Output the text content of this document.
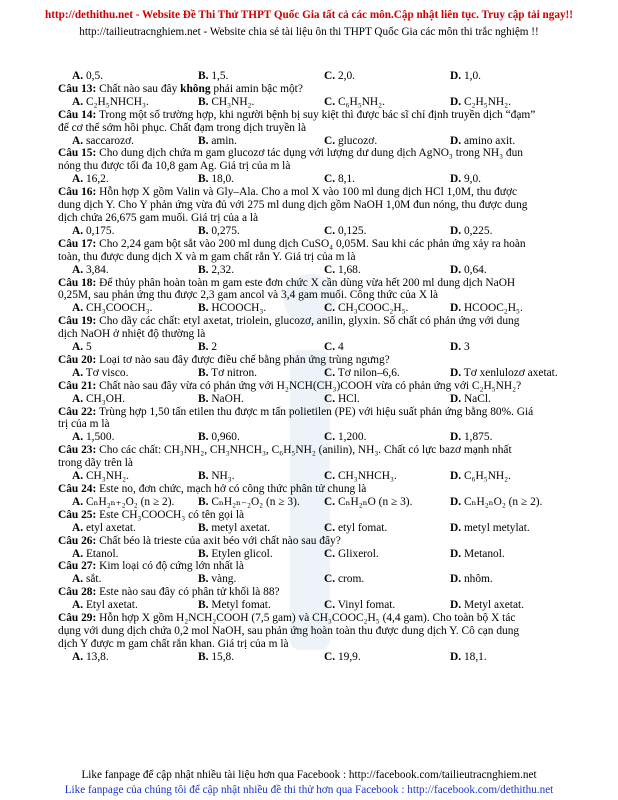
http://dethithu.net - Website Đề Thi Thử THPT Quốc Gia tất cả các môn.Cập nhật liên tục. Truy cập tải ngay!!
http://tailieutracnghiem.net - Website chia sẻ tài liệu ôn thi THPT Quốc Gia các môn thi trắc nghiệm !!
A. 0,5.	B. 1,5.	C. 2,0.	D. 1,0.
Câu 13: Chất nào sau đây không phải amin bậc một?
A. C₂H₅NHCH₃.	B. CH₃NH₂.	C. C₆H₅NH₂.	D. C₂H₅NH₂.
Câu 14: Trong một số trường hợp, khi người bệnh bị suy kiệt thì được bác sĩ chỉ định truyền dịch “đạm”
để cơ thể sớm hồi phục. Chất đạm trong dịch truyền là
A. saccarozơ.	B. amin.	C. glucozơ.	D. amino axit.
Câu 15: Cho dung dịch chứa m gam glucozơ tác dụng với lượng dư dung dịch AgNO₃ trong NH₃ đun
nóng thu được tối đa 10,8 gam Ag. Giá trị của m là
A. 16,2.	B. 18,0.	C. 8,1.	D. 9,0.
Câu 16: Hỗn hợp X gồm Valin và Gly–Ala. Cho a mol X vào 100 ml dung dịch HCl 1,0M, thu được
dung dịch Y. Cho Y phản ứng vừa đủ với 275 ml dung dịch gồm NaOH 1,0M đun nóng, thu được dung
dịch chứa 26,675 gam muối. Giá trị của a là
A. 0,175.	B. 0,275.	C. 0,125.	D. 0,225.
Câu 17: Cho 2,24 gam bột sắt vào 200 ml dung dịch CuSO₄ 0,05M. Sau khi các phản ứng xảy ra hoàn
toàn, thu được dung dịch X và m gam chất rắn Y. Giá trị của m là
A. 3,84.	B. 2,32.	C. 1,68.	D. 0,64.
Câu 18: Để thủy phân hoàn toàn m gam este đơn chức X cần dùng vừa hết 200 ml dung dịch NaOH
0,25M, sau phản ứng thu được 2,3 gam ancol và 3,4 gam muối. Công thức của X là
A. CH₃COOCH₃.	B. HCOOCH₃.	C. CH₃COOC₂H₅.	D. HCOOC₂H₅.
Câu 19: Cho dãy các chất: etyl axetat, triolein, glucozơ, anilin, glyxin. Số chất có phản ứng với dung
dịch NaOH ở nhiệt độ thường là
A. 5	B. 2	C. 4	D. 3
Câu 20: Loại tơ nào sau đây được điều chế bằng phản ứng trùng ngưng?
A. Tơ visco.	B. Tơ nitron.	C. Tơ nilon–6,6.	D. Tơ xenlulozơ axetat.
Câu 21: Chất nào sau đây vừa có phản ứng với H₂NCH(CH₃)COOH vừa có phản ứng với C₂H₅NH₂?
A. CH₃OH.	B. NaOH.	C. HCl.	D. NaCl.
Câu 22: Trùng hợp 1,50 tấn etilen thu được m tấn polietilen (PE) với hiệu suất phản ứng bằng 80%. Giá
trị của m là
A. 1,500.	B. 0,960.	C. 1,200.	D. 1,875.
Câu 23: Cho các chất: CH₃NH₂, CH₃NHCH₃, C₆H₅NH₂ (anilin), NH₃. Chất có lực bazơ mạnh nhất
trong dãy trên là
A. CH₃NH₂.	B. NH₃.	C. CH₃NHCH₃.	D. C₆H₅NH₂.
Câu 24: Este no, đơn chức, mạch hở có công thức phân tử chung là
A. CₙH₂ₙ₊₂O₂ (n ≥ 2).	B. CₙH₂ₙ₋₂O₂ (n ≥ 3).	C. CₙH₂ₙO (n ≥ 3).	D. CₙH₂ₙO₂ (n ≥ 2).
Câu 25: Este CH₃COOCH₃ có tên gọi là
A. etyl axetat.	B. metyl axetat.	C. etyl fomat.	D. metyl metylat.
Câu 26: Chất béo là trieste của axit béo với chất nào sau đây?
A. Etanol.	B. Etylen glicol.	C. Glixerol.	D. Metanol.
Câu 27: Kim loại có độ cứng lớn nhất là
A. sắt.	B. vàng.	C. crom.	D. nhôm.
Câu 28: Este nào sau đây có phân tử khối là 88?
A. Etyl axetat.	B. Metyl fomat.	C. Vinyl fomat.	D. Metyl axetat.
Câu 29: Hỗn hợp X gồm H₂NCH₂COOH (7,5 gam) và CH₃COOC₂H₅ (4,4 gam). Cho toàn bộ X tác
dụng với dung dịch chứa 0,2 mol NaOH, sau phản ứng hoàn toàn thu được dung dịch Y. Cô cạn dung
dịch Y được m gam chất rắn khan. Giá trị của m là
A. 13,8.	B. 15,8.	C. 19,9.	D. 18,1.
Like fanpage để cập nhật nhiều tài liệu hơn qua Facebook : http://facebook.com/tailieutracnghiem.net
Like fanpage của chúng tôi để cập nhật nhiều đề thi thử hơn qua Facebook : http://facebook.com/dethithu.net
